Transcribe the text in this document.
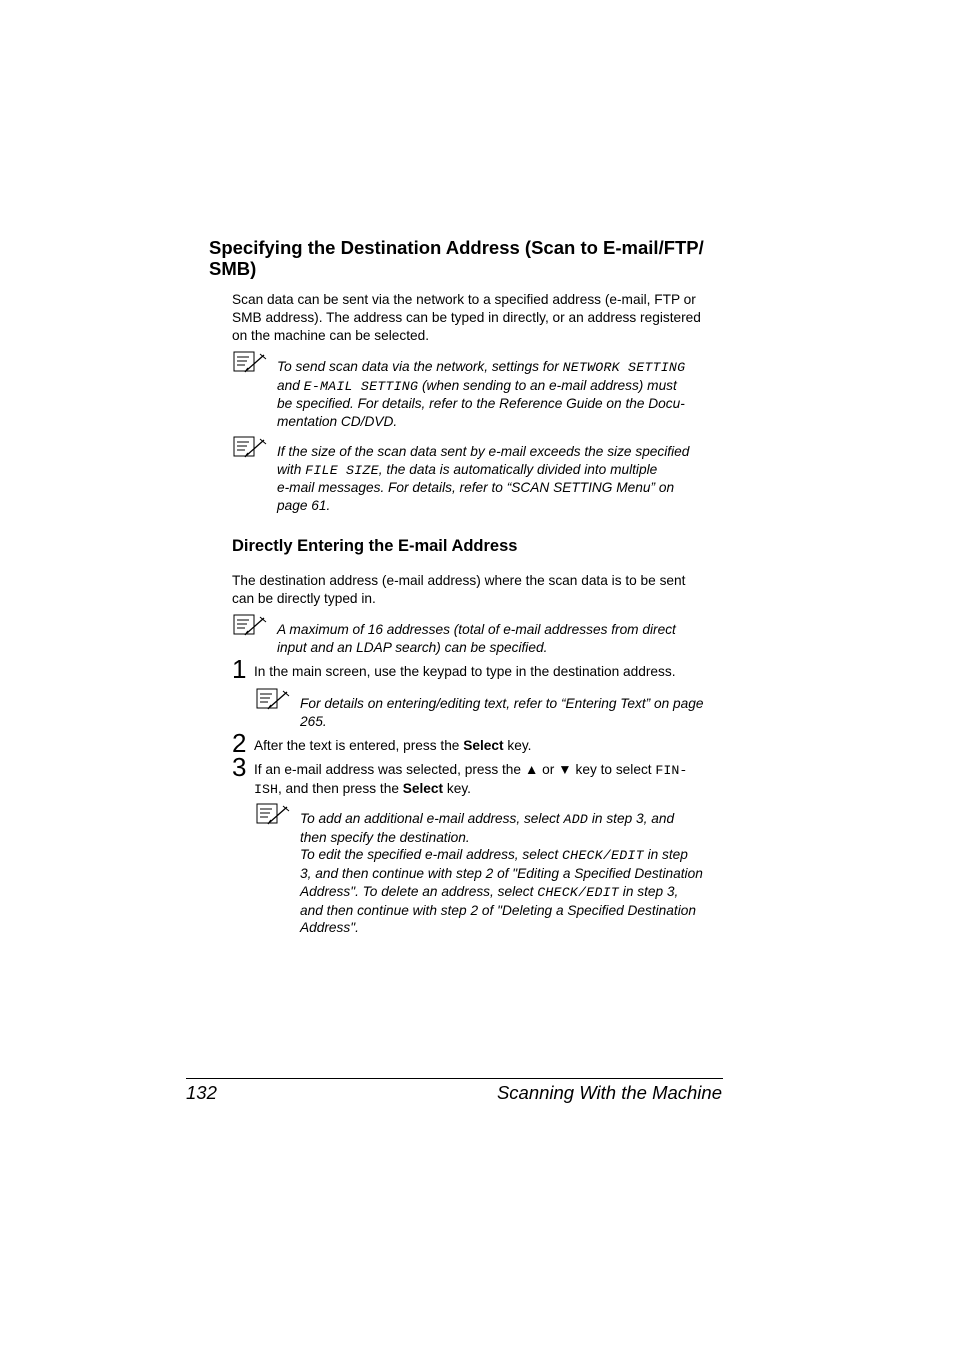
Specifying the Destination Address (Scan to E-mail/FTP/
SMB)
Scan data can be sent via the network to a specified address (e-mail, FTP or
SMB address). The address can be typed in directly, or an address registered
on the machine can be selected.
To send scan data via the network, settings for NETWORK SETTING
and E-MAIL SETTING (when sending to an e-mail address) must
be specified. For details, refer to the Reference Guide on the Docu-
mentation CD/DVD.
If the size of the scan data sent by e-mail exceeds the size specified
with FILE SIZE, the data is automatically divided into multiple
e-mail messages. For details, refer to “SCAN SETTING Menu” on
page 61.
Directly Entering the E-mail Address
The destination address (e-mail address) where the scan data is to be sent
can be directly typed in.
A maximum of 16 addresses (total of e-mail addresses from direct
input and an LDAP search) can be specified.
1 In the main screen, use the keypad to type in the destination address.
For details on entering/editing text, refer to “Entering Text” on page
265.
2 After the text is entered, press the Select key.
3 If an e-mail address was selected, press the ▲ or ▼ key to select FIN-
ISH, and then press the Select key.
To add an additional e-mail address, select ADD in step 3, and
then specify the destination.
To edit the specified e-mail address, select CHECK/EDIT in step
3, and then continue with step 2 of "Editing a Specified Destination
Address". To delete an address, select CHECK/EDIT in step 3,
and then continue with step 2 of "Deleting a Specified Destination
Address".
132	Scanning With the Machine
